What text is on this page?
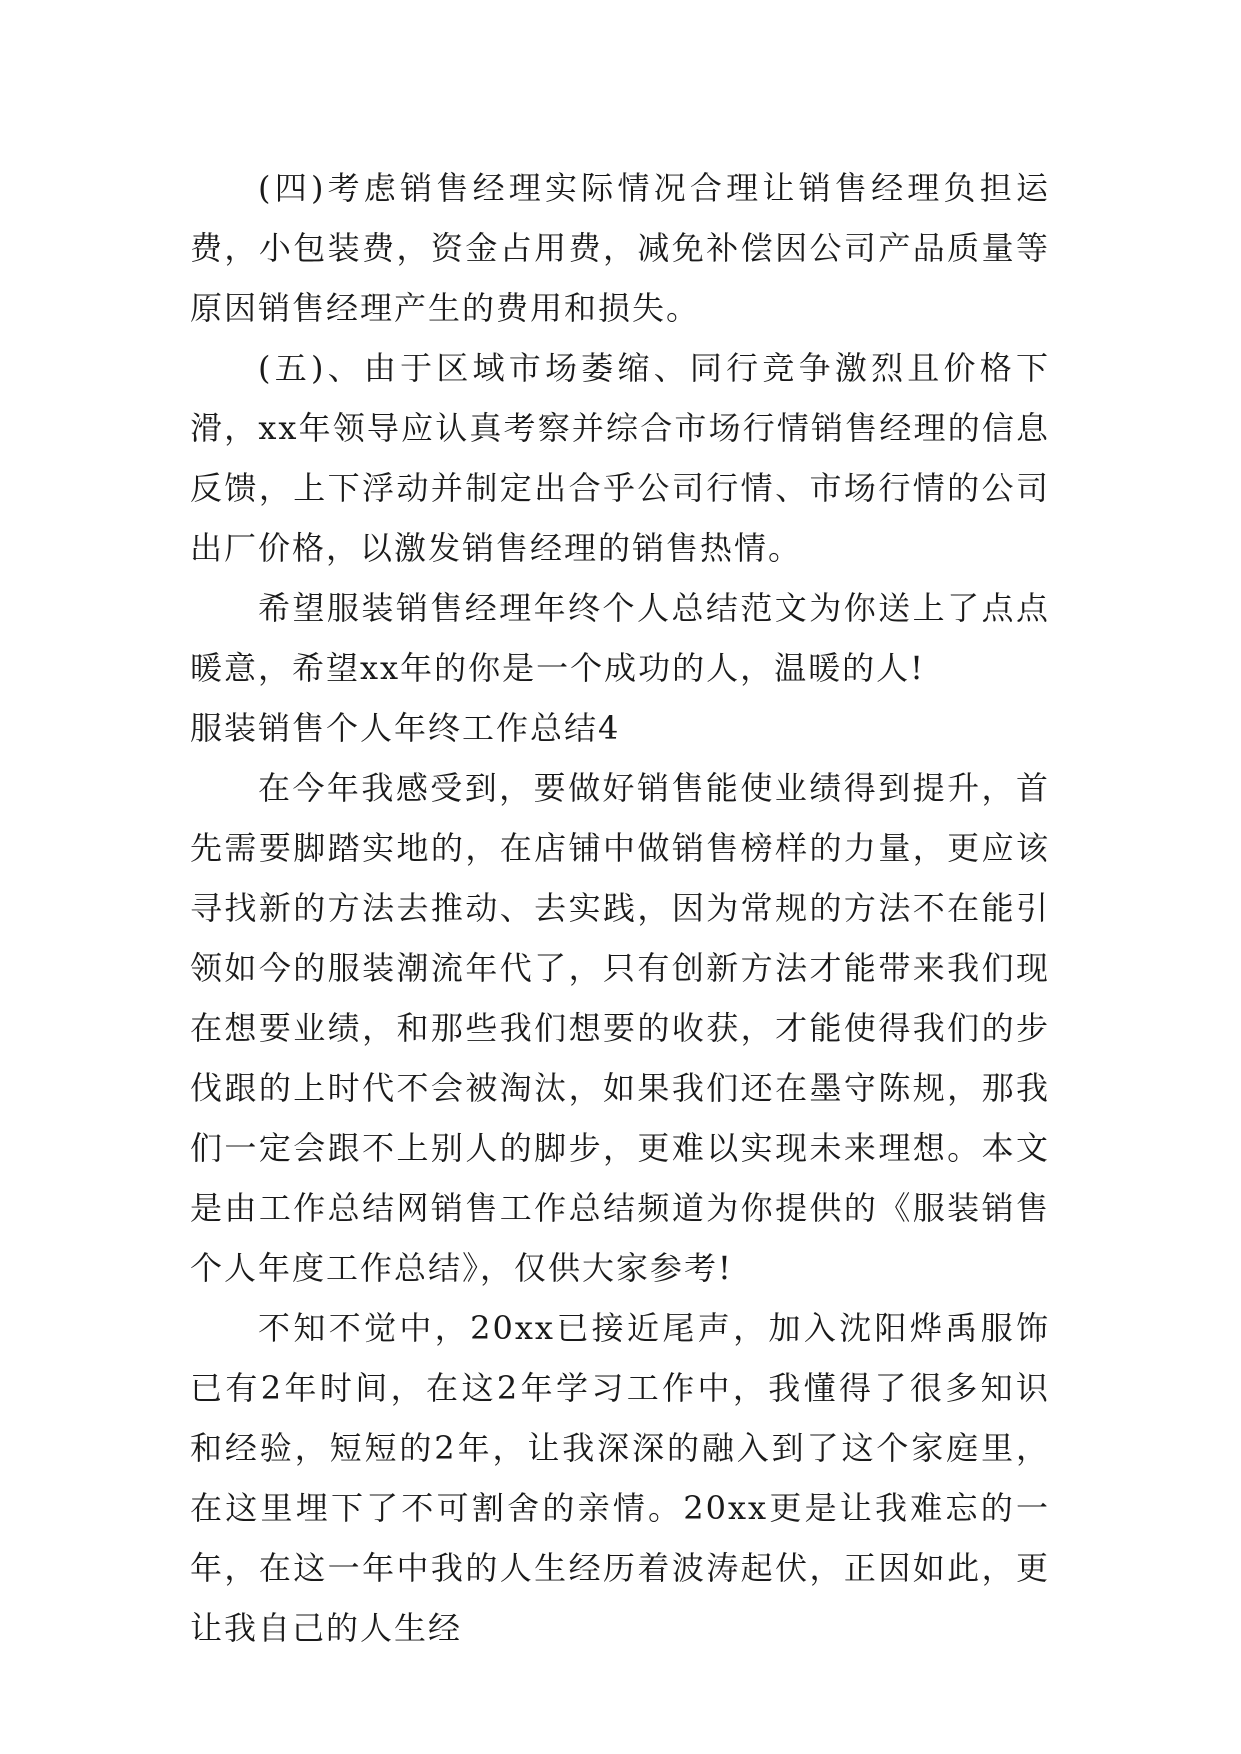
(四)考虑销售经理实际情况合理让销售经理负担运费，小包装费，资金占用费，减免补偿因公司产品质量等原因销售经理产生的费用和损失。

(五)、由于区域市场萎缩、同行竞争激烈且价格下滑，xx年领导应认真考察并综合市场行情销售经理的信息反馈，上下浮动并制定出合乎公司行情、市场行情的公司出厂价格，以激发销售经理的销售热情。

希望服装销售经理年终个人总结范文为你送上了点点暖意，希望xx年的你是一个成功的人，温暖的人!

服装销售个人年终工作总结4

在今年我感受到，要做好销售能使业绩得到提升，首先需要脚踏实地的，在店铺中做销售榜样的力量，更应该寻找新的方法去推动、去实践，因为常规的方法不在能引领如今的服装潮流年代了，只有创新方法才能带来我们现在想要业绩，和那些我们想要的收获，才能使得我们的步伐跟的上时代不会被淘汰，如果我们还在墨守陈规，那我们一定会跟不上别人的脚步，更难以实现未来理想。本文是由工作总结网销售工作总结频道为你提供的《服装销售个人年度工作总结》，仅供大家参考!

不知不觉中，20xx已接近尾声，加入沈阳烨禹服饰已有2年时间，在这2年学习工作中，我懂得了很多知识和经验，短短的2年，让我深深的融入到了这个家庭里，在这里埋下了不可割舍的亲情。20xx更是让我难忘的一年，在这一年中我的人生经历着波涛起伏，正因如此，更让我自己的人生经
